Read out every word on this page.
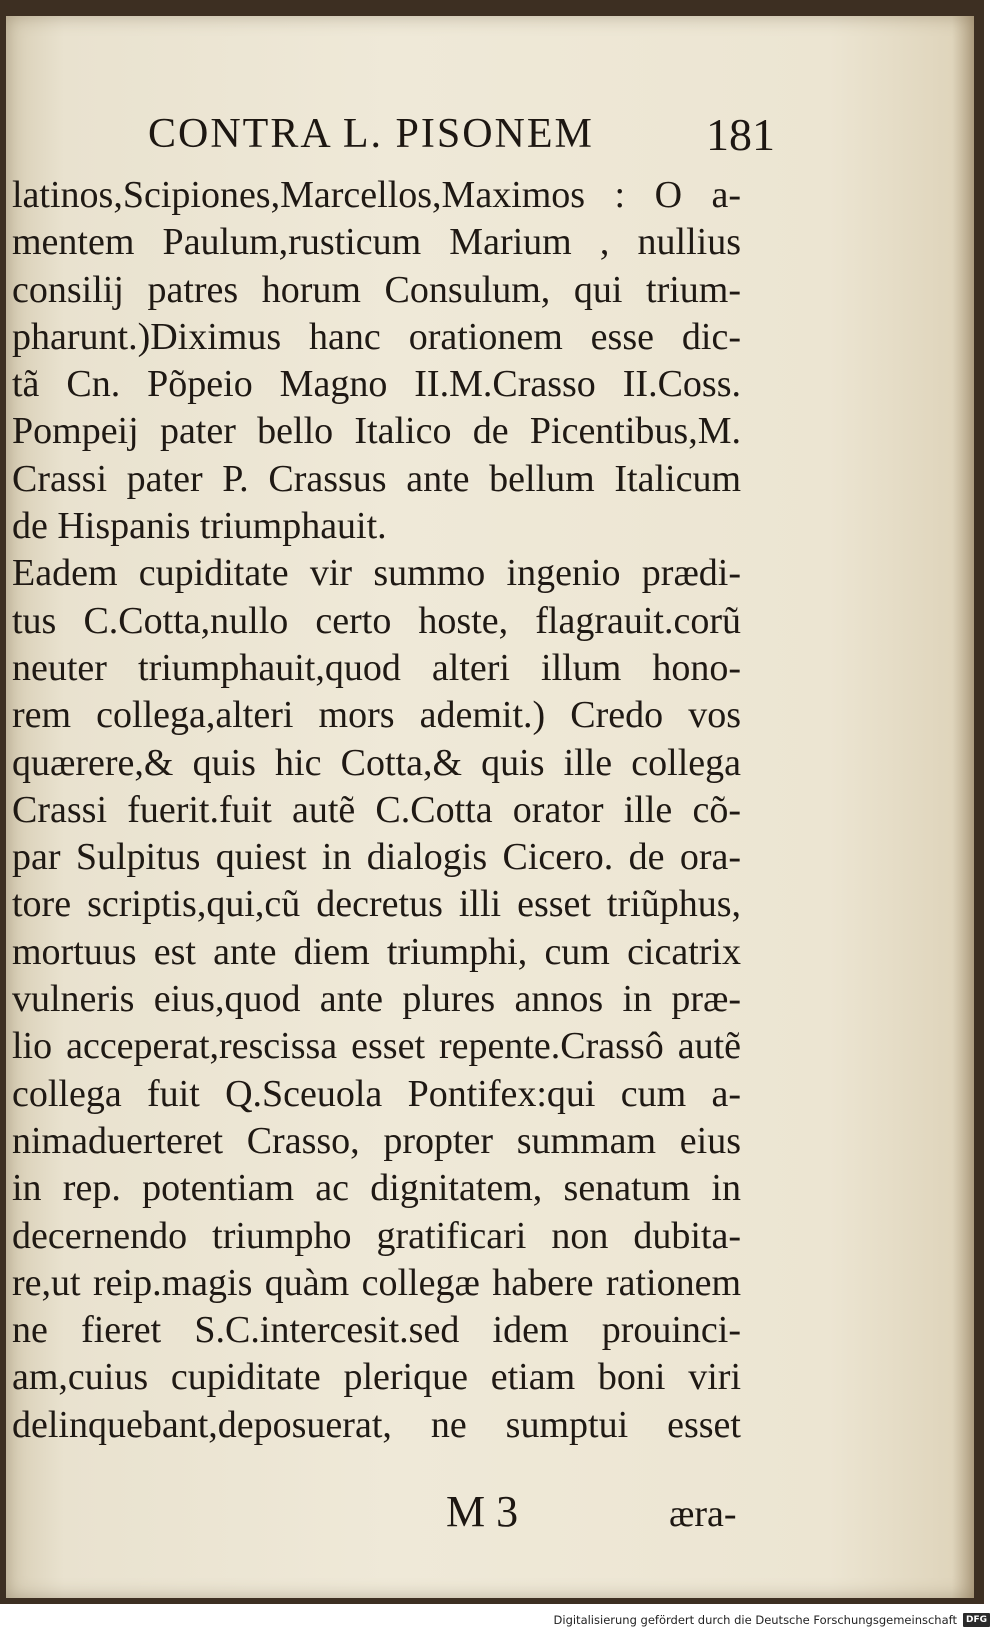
CONTRA L. PISONEM 181
latinos,Scipiones,Marcellos,Maximos : O a-
mentem Paulum,rusticum Marium , nullius
consilij patres horum Consulum, qui trium-
pharunt.)Diximus hanc orationem esse dic-
tã Cn. Põpeio Magno II.M.Crasso II.Coss.
Pompeij pater bello Italico de Picentibus,M.
Crassi pater P. Crassus ante bellum Italicum
de Hispanis triumphauit.
Eadem cupiditate vir summo ingenio prædi-
tus C.Cotta,nullo certo hoste, flagrauit.corũ
neuter triumphauit,quod alteri illum hono-
rem collega,alteri mors ademit.) Credo vos
quærere,& quis hic Cotta,& quis ille collega
Crassi fuerit.fuit autẽ C.Cotta orator ille cõ-
par Sulpitus quiest in dialogis Cicero. de ora-
tore scriptis,qui,cũ decretus illi esset triũphus,
mortuus est ante diem triumphi, cum cicatrix
vulneris eius,quod ante plures annos in præ-
lio acceperat,rescissa esset repente.Crassô autẽ
collega fuit Q.Sceuola Pontifex:qui cum a-
nimaduerteret Crasso, propter summam eius
in rep. potentiam ac dignitatem, senatum in
decernendo triumpho gratificari non dubita-
re,ut reip.magis quàm collegæ habere rationem
ne fieret S.C.intercesit.sed idem prouinci-
am,cuius cupiditate plerique etiam boni viri
delinquebant,deposuerat, ne sumptui esset
M 3	æra-
Digitalisierung gefördert durch die Deutsche Forschungsgemeinschaft	DFG
